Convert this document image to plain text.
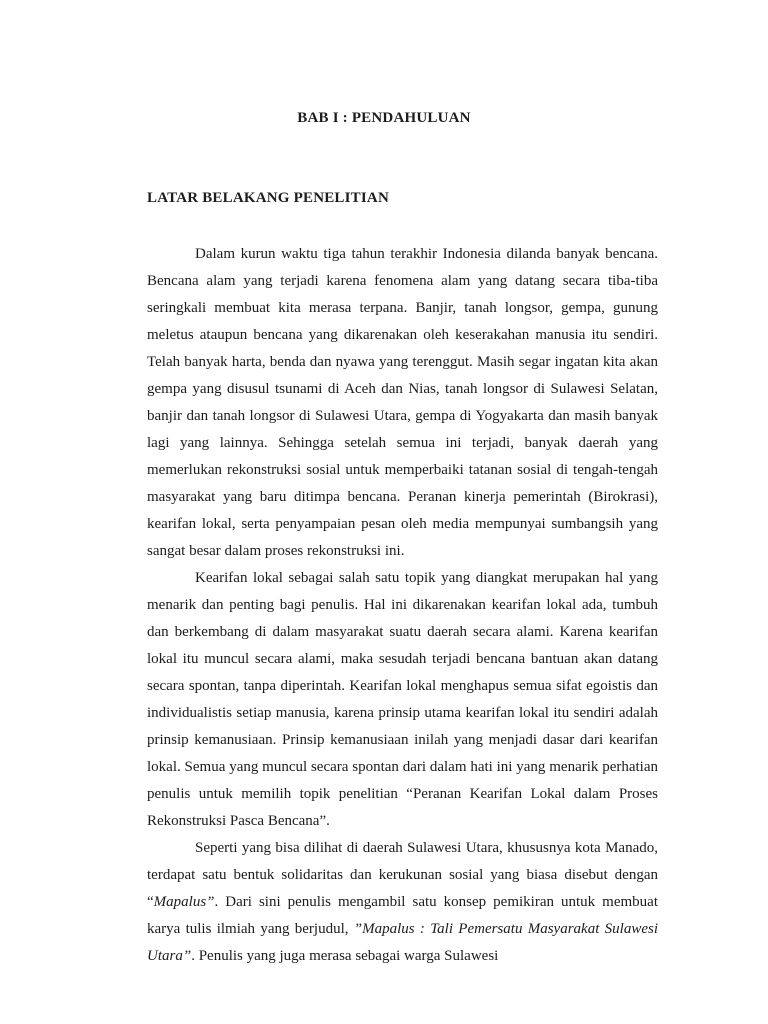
BAB I : PENDAHULUAN
LATAR BELAKANG PENELITIAN

Dalam kurun waktu tiga tahun terakhir Indonesia dilanda banyak bencana. Bencana alam yang terjadi karena fenomena alam yang datang secara tiba-tiba seringkali membuat kita merasa terpana. Banjir, tanah longsor, gempa, gunung meletus ataupun bencana yang dikarenakan oleh keserakahan manusia itu sendiri. Telah banyak harta, benda dan nyawa yang terenggut. Masih segar ingatan kita akan gempa yang disusul tsunami di Aceh dan Nias, tanah longsor di Sulawesi Selatan, banjir dan tanah longsor di Sulawesi Utara, gempa di Yogyakarta dan masih banyak lagi yang lainnya. Sehingga setelah semua ini terjadi, banyak daerah yang memerlukan rekonstruksi sosial untuk memperbaiki tatanan sosial di tengah-tengah masyarakat yang baru ditimpa bencana. Peranan kinerja pemerintah (Birokrasi), kearifan lokal, serta penyampaian pesan oleh media mempunyai sumbangsih yang sangat besar dalam proses rekonstruksi ini.

Kearifan lokal sebagai salah satu topik yang diangkat merupakan hal yang menarik dan penting bagi penulis. Hal ini dikarenakan kearifan lokal ada, tumbuh dan berkembang di dalam masyarakat suatu daerah secara alami. Karena kearifan lokal itu muncul secara alami, maka sesudah terjadi bencana bantuan akan datang secara spontan, tanpa diperintah. Kearifan lokal menghapus semua sifat egoistis dan individualistis setiap manusia, karena prinsip utama kearifan lokal itu sendiri adalah prinsip kemanusiaan. Prinsip kemanusiaan inilah yang menjadi dasar dari kearifan lokal. Semua yang muncul secara spontan dari dalam hati ini yang menarik perhatian penulis untuk memilih topik penelitian “Peranan Kearifan Lokal dalam Proses Rekonstruksi Pasca Bencana”.

Seperti yang bisa dilihat di daerah Sulawesi Utara, khususnya kota Manado, terdapat satu bentuk solidaritas dan kerukunan sosial yang biasa disebut dengan “Mapalus”. Dari sini penulis mengambil satu konsep pemikiran untuk membuat karya tulis ilmiah yang berjudul, ”Mapalus : Tali Pemersatu Masyarakat Sulawesi Utara”. Penulis yang juga merasa sebagai warga Sulawesi
